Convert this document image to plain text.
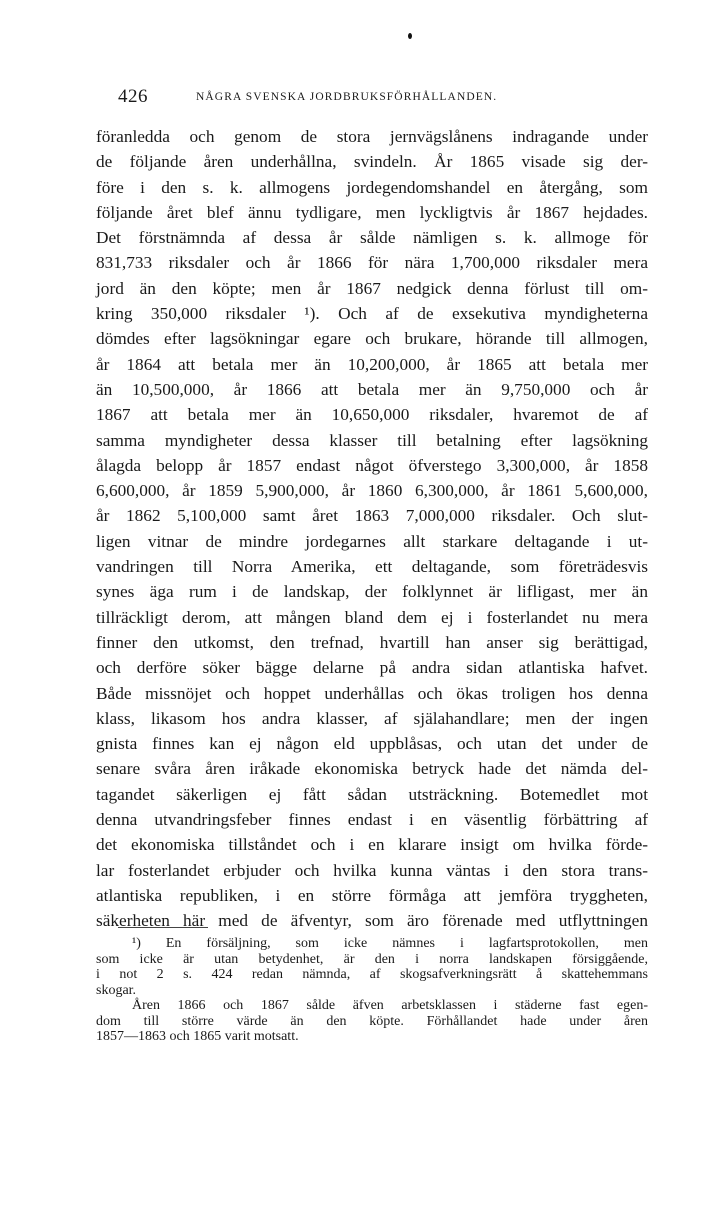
426	NÅGRA SVENSKA JORDBRUKSFÖRHÅLLANDEN.
föranledda och genom de stora jernvägslånens indragande under
de följande åren underhållna, svindeln. År 1865 visade sig der-
före i den s. k. allmogens jordegendomshandel en återgång, som
följande året blef ännu tydligare, men lyckligtvis år 1867 hejdades.
Det förstnämnda af dessa år sålde nämligen s. k. allmoge för
831,733 riksdaler och år 1866 för nära 1,700,000 riksdaler mera
jord än den köpte; men år 1867 nedgick denna förlust till om-
kring 350,000 riksdaler ¹). Och af de exsekutiva myndigheterna
dömdes efter lagsökningar egare och brukare, hörande till allmogen,
år 1864 att betala mer än 10,200,000, år 1865 att betala mer
än 10,500,000, år 1866 att betala mer än 9,750,000 och år
1867 att betala mer än 10,650,000 riksdaler, hvaremot de af
samma myndigheter dessa klasser till betalning efter lagsökning
ålagda belopp år 1857 endast något öfverstego 3,300,000, år 1858
6,600,000, år 1859 5,900,000, år 1860 6,300,000, år 1861 5,600,000,
år 1862 5,100,000 samt året 1863 7,000,000 riksdaler. Och slut-
ligen vitnar de mindre jordegarnes allt starkare deltagande i ut-
vandringen till Norra Amerika, ett deltagande, som företrädesvis
synes äga rum i de landskap, der folklynnet är lifligast, mer än
tillräckligt derom, att mången bland dem ej i fosterlandet nu mera
finner den utkomst, den trefnad, hvartill han anser sig berättigad,
och derföre söker bägge delarne på andra sidan atlantiska hafvet.
Både missnöjet och hoppet underhållas och ökas troligen hos denna
klass, likasom hos andra klasser, af själahandlare; men der ingen
gnista finnes kan ej någon eld uppblåsas, och utan det under de
senare svåra åren iråkade ekonomiska betryck hade det nämda del-
tagandet säkerligen ej fått sådan utsträckning. Botemedlet mot
denna utvandringsfeber finnes endast i en väsentlig förbättring af
det ekonomiska tillståndet och i en klarare insigt om hvilka förde-
lar fosterlandet erbjuder och hvilka kunna väntas i den stora trans-
atlantiska republiken, i en större förmåga att jemföra tryggheten,
säkerheten här med de äfventyr, som äro förenade med utflyttningen
¹) En försäljning, som icke nämnes i lagfartsprotokollen, men
som icke är utan betydenhet, är den i norra landskapen försiggående,
i not 2 s. 424 redan nämnda, af skogsafverkningsrätt å skattehemmans
skogar.
Åren 1866 och 1867 sålde äfven arbetsklassen i städerne fast egen-
dom till större värde än den köpte. Förhållandet hade under åren
1857—1863 och 1865 varit motsatt.
